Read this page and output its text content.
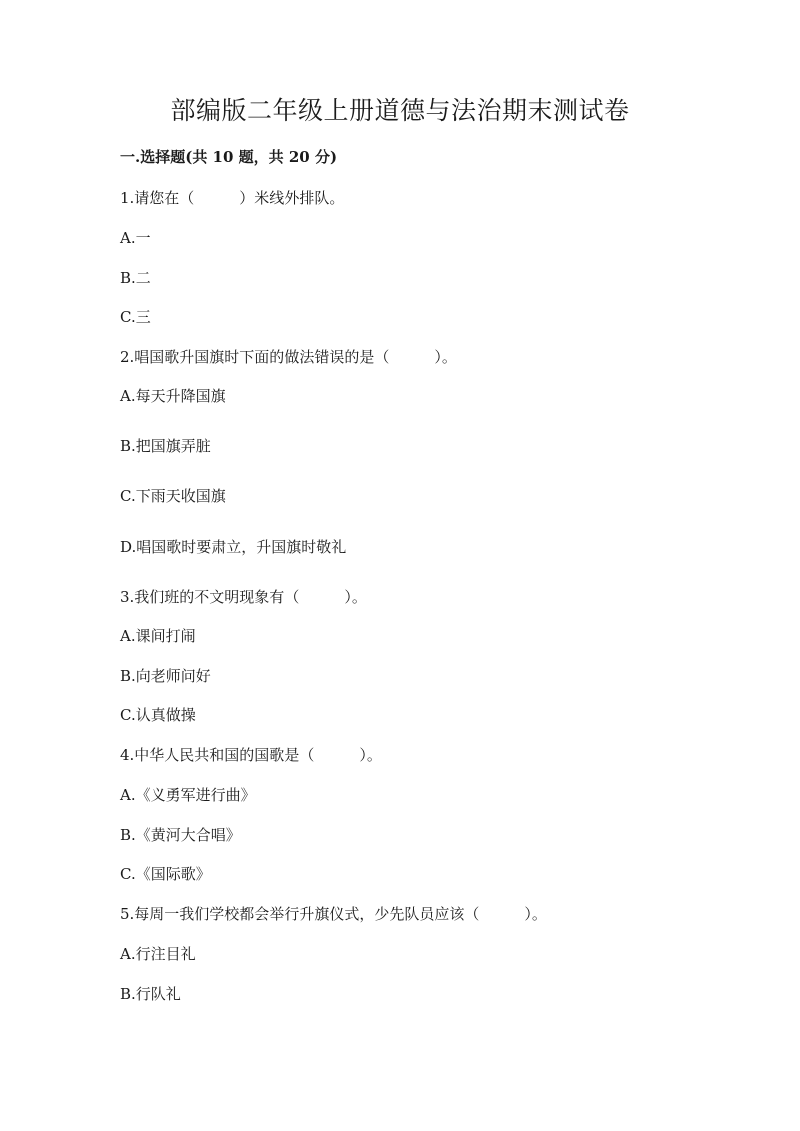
部编版二年级上册道德与法治期末测试卷
一.选择题(共 10 题，共 20 分)
1.请您在（　　　）米线外排队。
A.一
B.二
C.三
2.唱国歌升国旗时下面的做法错误的是（　　　）。
A.每天升降国旗
B.把国旗弄脏
C.下雨天收国旗
D.唱国歌时要肃立，升国旗时敬礼
3.我们班的不文明现象有（　　　）。
A.课间打闹
B.向老师问好
C.认真做操
4.中华人民共和国的国歌是（　　　）。
A.《义勇军进行曲》
B.《黄河大合唱》
C.《国际歌》
5.每周一我们学校都会举行升旗仪式，少先队员应该（　　　）。
A.行注目礼
B.行队礼
